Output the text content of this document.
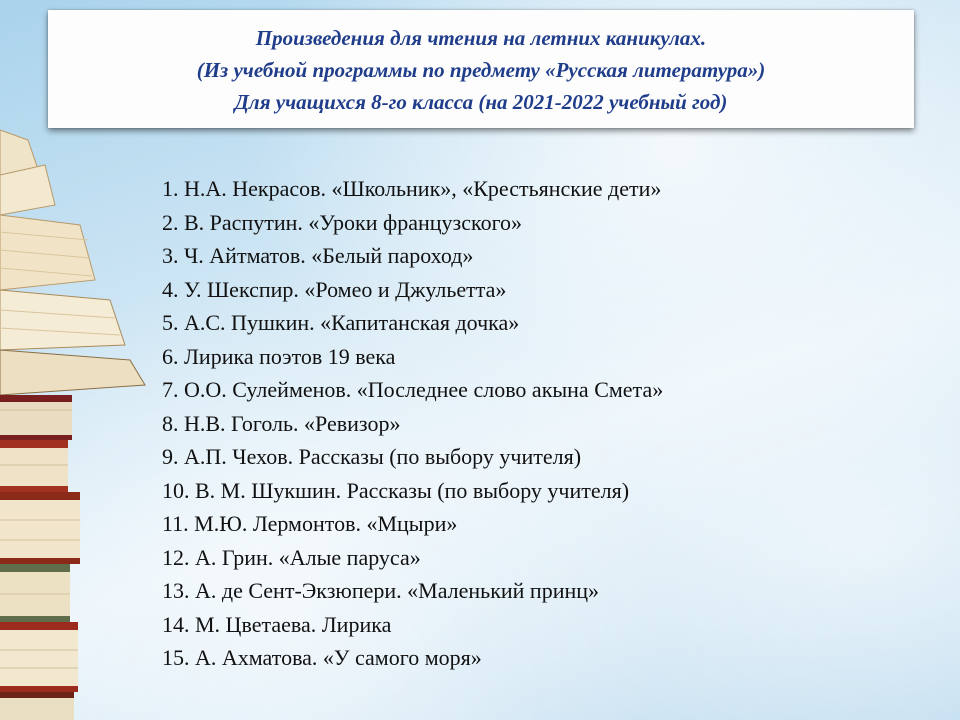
Произведения для чтения на летних каникулах.
(Из учебной программы по предмету «Русская литература»)
Для учащихся 8-го класса (на 2021-2022 учебный год)
1. Н.А. Некрасов. «Школьник», «Крестьянские дети»
2. В. Распутин. «Уроки французского»
3. Ч. Айтматов. «Белый пароход»
4. У. Шекспир. «Ромео и Джульетта»
5. А.С. Пушкин. «Капитанская дочка»
6. Лирика поэтов 19 века
7. О.О. Сулейменов. «Последнее слово акына Смета»
8. Н.В. Гоголь. «Ревизор»
9. А.П. Чехов. Рассказы (по выбору учителя)
10. В. М. Шукшин. Рассказы (по выбору учителя)
11. М.Ю. Лермонтов. «Мцыри»
12. А. Грин. «Алые паруса»
13. А. де Сент-Экзюпери. «Маленький принц»
14. М. Цветаева. Лирика
15. А. Ахматова. «У самого моря»
